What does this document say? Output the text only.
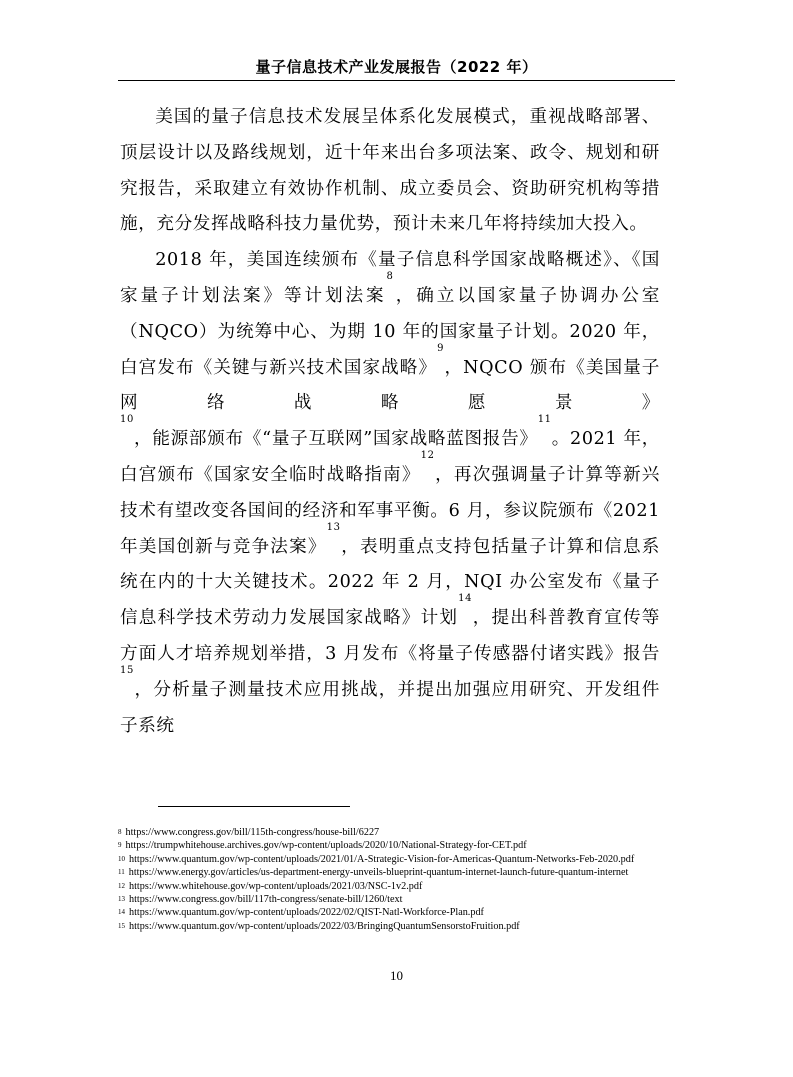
量子信息技术产业发展报告（2022 年）

美国的量子信息技术发展呈体系化发展模式，重视战略部署、顶层设计以及路线规划，近十年来出台多项法案、政令、规划和研究报告，采取建立有效协作机制、成立委员会、资助研究机构等措施，充分发挥战略科技力量优势，预计未来几年将持续加大投入。

2018 年，美国连续颁布《量子信息科学国家战略概述》、《国家量子计划法案》等计划法案$^8$，确立以国家量子协调办公室（NQCO）为统筹中心、为期 10 年的国家量子计划。2020 年，白宫发布《关键与新兴技术国家战略》$^9$，NQCO 颁布《美国量子网络战略愿景》$^{10}$，能源部颁布《“量子互联网”国家战略蓝图报告》$^{11}$。2021 年，白宫颁布《国家安全临时战略指南》$^{12}$，再次强调量子计算等新兴技术有望改变各国间的经济和军事平衡。6 月，参议院颁布《2021 年美国创新与竞争法案》$^{13}$，表明重点支持包括量子计算和信息系统在内的十大关键技术。2022 年 2 月，NQI 办公室发布《量子信息科学技术劳动力发展国家战略》计划$^{14}$，提出科普教育宣传等方面人才培养规划举措，3 月发布《将量子传感器付诸实践》报告$^{15}$，分析量子测量技术应用挑战，并提出加强应用研究、开发组件子系统

$^8$ https://www.congress.gov/bill/115th-congress/house-bill/6227
$^9$ https://trumpwhitehouse.archives.gov/wp-content/uploads/2020/10/National-Strategy-for-CET.pdf
$^{10}$ https://www.quantum.gov/wp-content/uploads/2021/01/A-Strategic-Vision-for-Americas-Quantum-Networks-Feb-2020.pdf
$^{11}$ https://www.energy.gov/articles/us-department-energy-unveils-blueprint-quantum-internet-launch-future-quantum-internet
$^{12}$ https://www.whitehouse.gov/wp-content/uploads/2021/03/NSC-1v2.pdf
$^{13}$ https://www.congress.gov/bill/117th-congress/senate-bill/1260/text
$^{14}$ https://www.quantum.gov/wp-content/uploads/2022/02/QIST-Natl-Workforce-Plan.pdf
$^{15}$ https://www.quantum.gov/wp-content/uploads/2022/03/BringingQuantumSensorstoFruition.pdf
10
